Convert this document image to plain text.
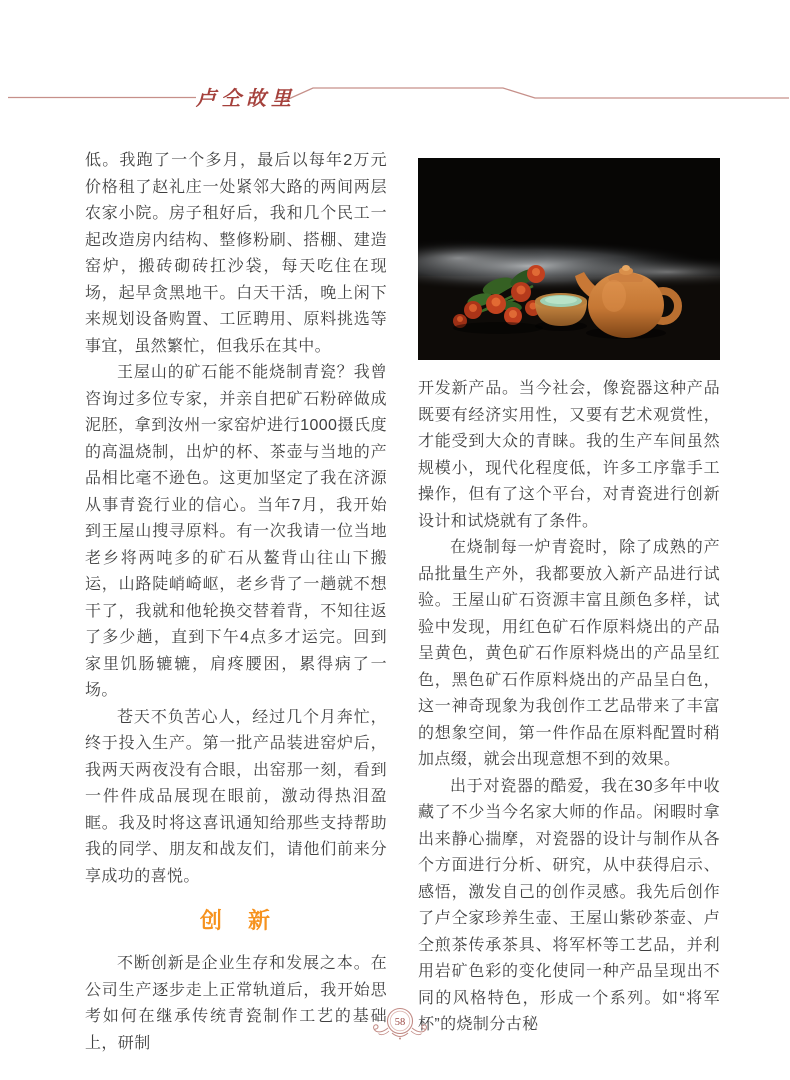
卢仝故里

低。我跑了一个多月，最后以每年2万元价格租了赵礼庄一处紧邻大路的两间两层农家小院。房子租好后，我和几个民工一起改造房内结构、整修粉刷、搭棚、建造窑炉，搬砖砌砖扛沙袋，每天吃住在现场，起早贪黑地干。白天干活，晚上闲下来规划设备购置、工匠聘用、原料挑选等事宜，虽然繁忙，但我乐在其中。

王屋山的矿石能不能烧制青瓷？我曾咨询过多位专家，并亲自把矿石粉碎做成泥胚，拿到汝州一家窑炉进行1000摄氏度的高温烧制，出炉的杯、茶壶与当地的产品相比毫不逊色。这更加坚定了我在济源从事青瓷行业的信心。当年7月，我开始到王屋山搜寻原料。有一次我请一位当地老乡将两吨多的矿石从鳌背山往山下搬运，山路陡峭崎岖，老乡背了一趟就不想干了，我就和他轮换交替着背，不知往返了多少趟，直到下午4点多才运完。回到家里饥肠辘辘，肩疼腰困，累得病了一场。

苍天不负苦心人，经过几个月奔忙，终于投入生产。第一批产品装进窑炉后，我两天两夜没有合眼，出窑那一刻，看到一件件成品展现在眼前，激动得热泪盈眶。我及时将这喜讯通知给那些支持帮助我的同学、朋友和战友们，请他们前来分享成功的喜悦。

创　新

不断创新是企业生存和发展之本。在公司生产逐步走上正常轨道后，我开始思考如何在继承传统青瓷制作工艺的基础上，研制

开发新产品。当今社会，像瓷器这种产品既要有经济实用性，又要有艺术观赏性，才能受到大众的青睐。我的生产车间虽然规模小，现代化程度低，许多工序靠手工操作，但有了这个平台，对青瓷进行创新设计和试烧就有了条件。

在烧制每一炉青瓷时，除了成熟的产品批量生产外，我都要放入新产品进行试验。王屋山矿石资源丰富且颜色多样，试验中发现，用红色矿石作原料烧出的产品呈黄色，黄色矿石作原料烧出的产品呈红色，黑色矿石作原料烧出的产品呈白色，这一神奇现象为我创作工艺品带来了丰富的想象空间，第一件作品在原料配置时稍加点缀，就会出现意想不到的效果。

出于对瓷器的酷爱，我在30多年中收藏了不少当今名家大师的作品。闲暇时拿出来静心揣摩，对瓷器的设计与制作从各个方面进行分析、研究，从中获得启示、感悟，激发自己的创作灵感。我先后创作了卢仝家珍养生壶、王屋山紫砂茶壶、卢仝煎茶传承茶具、将军杯等工艺品，并利用岩矿色彩的变化使同一种产品呈现出不同的风格特色，形成一个系列。如“将军杯”的烧制分古秘

58
